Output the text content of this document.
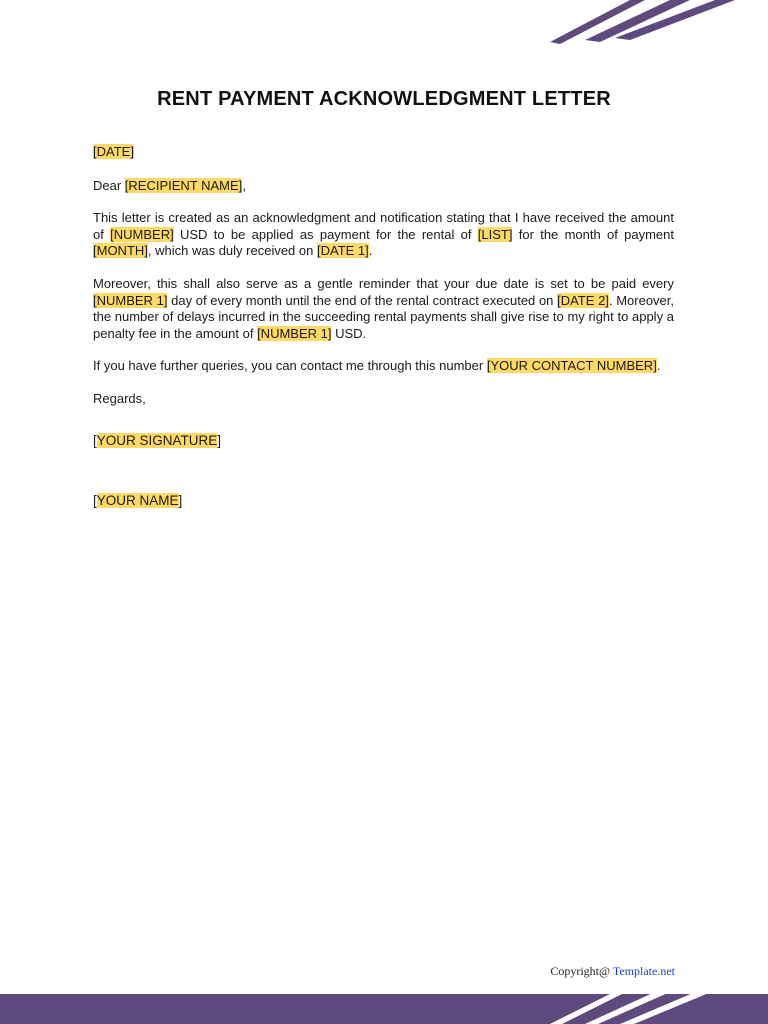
RENT PAYMENT ACKNOWLEDGMENT LETTER

[DATE]

Dear [RECIPIENT NAME],

This letter is created as an acknowledgment and notification stating that I have received the amount of [NUMBER] USD to be applied as payment for the rental of [LIST] for the month of payment [MONTH], which was duly received on [DATE 1].

Moreover, this shall also serve as a gentle reminder that your due date is set to be paid every [NUMBER 1] day of every month until the end of the rental contract executed on [DATE 2]. Moreover, the number of delays incurred in the succeeding rental payments shall give rise to my right to apply a penalty fee in the amount of [NUMBER 1] USD.

If you have further queries, you can contact me through this number [YOUR CONTACT NUMBER].

Regards,

[YOUR SIGNATURE]

[YOUR NAME]

Copyright@ Template.net
